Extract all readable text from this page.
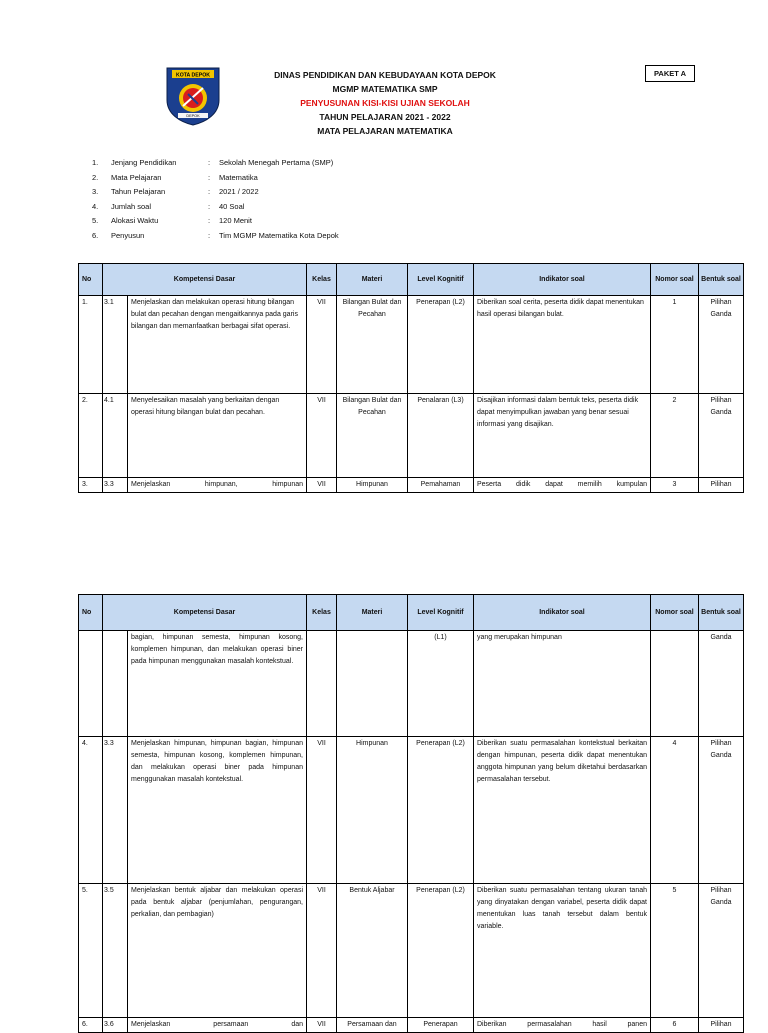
KOTA DEPOK
DEPOK
DINAS PENDIDIKAN DAN KEBUDAYAAN KOTA DEPOK
MGMP MATEMATIKA SMP
PENYUSUNAN KISI-KISI UJIAN SEKOLAH
TAHUN PELAJARAN 2021 - 2022
MATA PELAJARAN MATEMATIKA
PAKET A
1.	Jenjang Pendidikan	:	Sekolah Menegah Pertama (SMP)
2.	Mata Pelajaran	:	Matematika
3.	Tahun Pelajaran	:	2021 / 2022
4.	Jumlah soal	:	40 Soal
5.	Alokasi Waktu	:	120 Menit
6.	Penyusun	:	Tim MGMP Matematika Kota Depok
No	Kompetensi Dasar		Kelas	Materi	Level Kognitif	Indikator soal	Nomor soal	Bentuk soal
1.	3.1	Menjelaskan dan melakukan operasi hitung bilangan bulat dan pecahan dengan mengaitkannya pada garis bilangan dan memanfaatkan berbagai sifat operasi.	VII	Bilangan Bulat dan Pecahan	Penerapan (L2)	Diberikan soal cerita, peserta didik dapat menentukan hasil operasi bilangan bulat.	1	Pilihan Ganda
2.	4.1	Menyelesaikan masalah yang berkaitan dengan operasi hitung bilangan bulat dan pecahan.	VII	Bilangan Bulat dan Pecahan	Penalaran (L3)	Disajikan informasi dalam bentuk teks, peserta didik dapat menyimpulkan jawaban yang benar sesuai informasi yang disajikan.	2	Pilihan Ganda
3.	3.3	Menjelaskan himpunan, himpunan	VII	Himpunan	Pemahaman	Peserta didik dapat memilih kumpulan	3	Pilihan
No	Kompetensi Dasar		Kelas	Materi	Level Kognitif	Indikator soal	Nomor soal	Bentuk soal
		bagian, himpunan semesta, himpunan kosong, komplemen himpunan, dan melakukan operasi biner pada himpunan menggunakan masalah kontekstual.			(L1)	yang merupakan himpunan		Ganda
4.	3.3	Menjelaskan himpunan, himpunan bagian, himpunan semesta, himpunan kosong, komplemen himpunan, dan melakukan operasi biner pada himpunan menggunakan masalah kontekstual.	VII	Himpunan	Penerapan (L2)	Diberikan suatu permasalahan kontekstual berkaitan dengan himpunan, peserta didik dapat menentukan anggota himpunan yang belum diketahui berdasarkan permasalahan tersebut.	4	Pilihan Ganda
5.	3.5	Menjelaskan bentuk aljabar dan melakukan operasi pada bentuk aljabar (penjumlahan, pengurangan, perkalian, dan pembagian)	VII	Bentuk Aljabar	Penerapan (L2)	Diberikan suatu permasalahan tentang ukuran tanah yang dinyatakan dengan variabel, peserta didik dapat menentukan luas tanah tersebut dalam bentuk variable.	5	Pilihan Ganda
6.	3.6	Menjelaskan persamaan dan	VII	Persamaan dan	Penerapan	Diberikan permasalahan hasil panen	6	Pilihan
